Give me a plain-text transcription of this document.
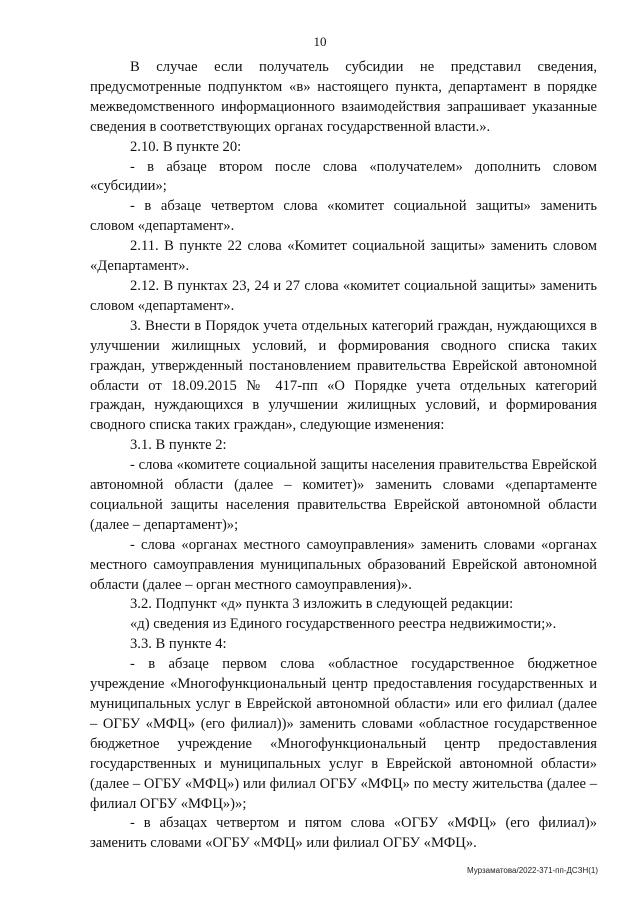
10

В случае если получатель субсидии не представил сведения, предусмотренные подпунктом «в» настоящего пункта, департамент в порядке межведомственного информационного взаимодействия запрашивает указанные сведения в соответствующих органах государственной власти.».

2.10. В пункте 20:

- в абзаце втором после слова «получателем» дополнить словом «субсидии»;

- в абзаце четвертом слова «комитет социальной защиты» заменить словом «департамент».

2.11. В пункте 22 слова «Комитет социальной защиты» заменить словом «Департамент».

2.12. В пунктах 23, 24 и 27 слова «комитет социальной защиты» заменить словом «департамент».

3. Внести в Порядок учета отдельных категорий граждан, нуждающихся в улучшении жилищных условий, и формирования сводного списка таких граждан, утвержденный постановлением правительства Еврейской автономной области от 18.09.2015 № 417-пп «О Порядке учета отдельных категорий граждан, нуждающихся в улучшении жилищных условий, и формирования сводного списка таких граждан», следующие изменения:

3.1. В пункте 2:

- слова «комитете социальной защиты населения правительства Еврейской автономной области (далее – комитет)» заменить словами «департаменте социальной защиты населения правительства Еврейской автономной области (далее – департамент)»;

- слова «органах местного самоуправления» заменить словами «органах местного самоуправления муниципальных образований Еврейской автономной области (далее – орган местного самоуправления)».

3.2. Подпункт «д» пункта 3 изложить в следующей редакции:

«д) сведения из Единого государственного реестра недвижимости;».

3.3. В пункте 4:

- в абзаце первом слова «областное государственное бюджетное учреждение «Многофункциональный центр предоставления государственных и муниципальных услуг в Еврейской автономной области» или его филиал (далее – ОГБУ «МФЦ» (его филиал))» заменить словами «областное государственное бюджетное учреждение «Многофункциональный центр предоставления государственных и муниципальных услуг в Еврейской автономной области» (далее – ОГБУ «МФЦ») или филиал ОГБУ «МФЦ» по месту жительства (далее – филиал ОГБУ «МФЦ»)»;

- в абзацах четвертом и пятом слова «ОГБУ «МФЦ» (его филиал)» заменить словами «ОГБУ «МФЦ» или филиал ОГБУ «МФЦ».

Мурзаматова/2022-371-пп-ДСЗН(1)
